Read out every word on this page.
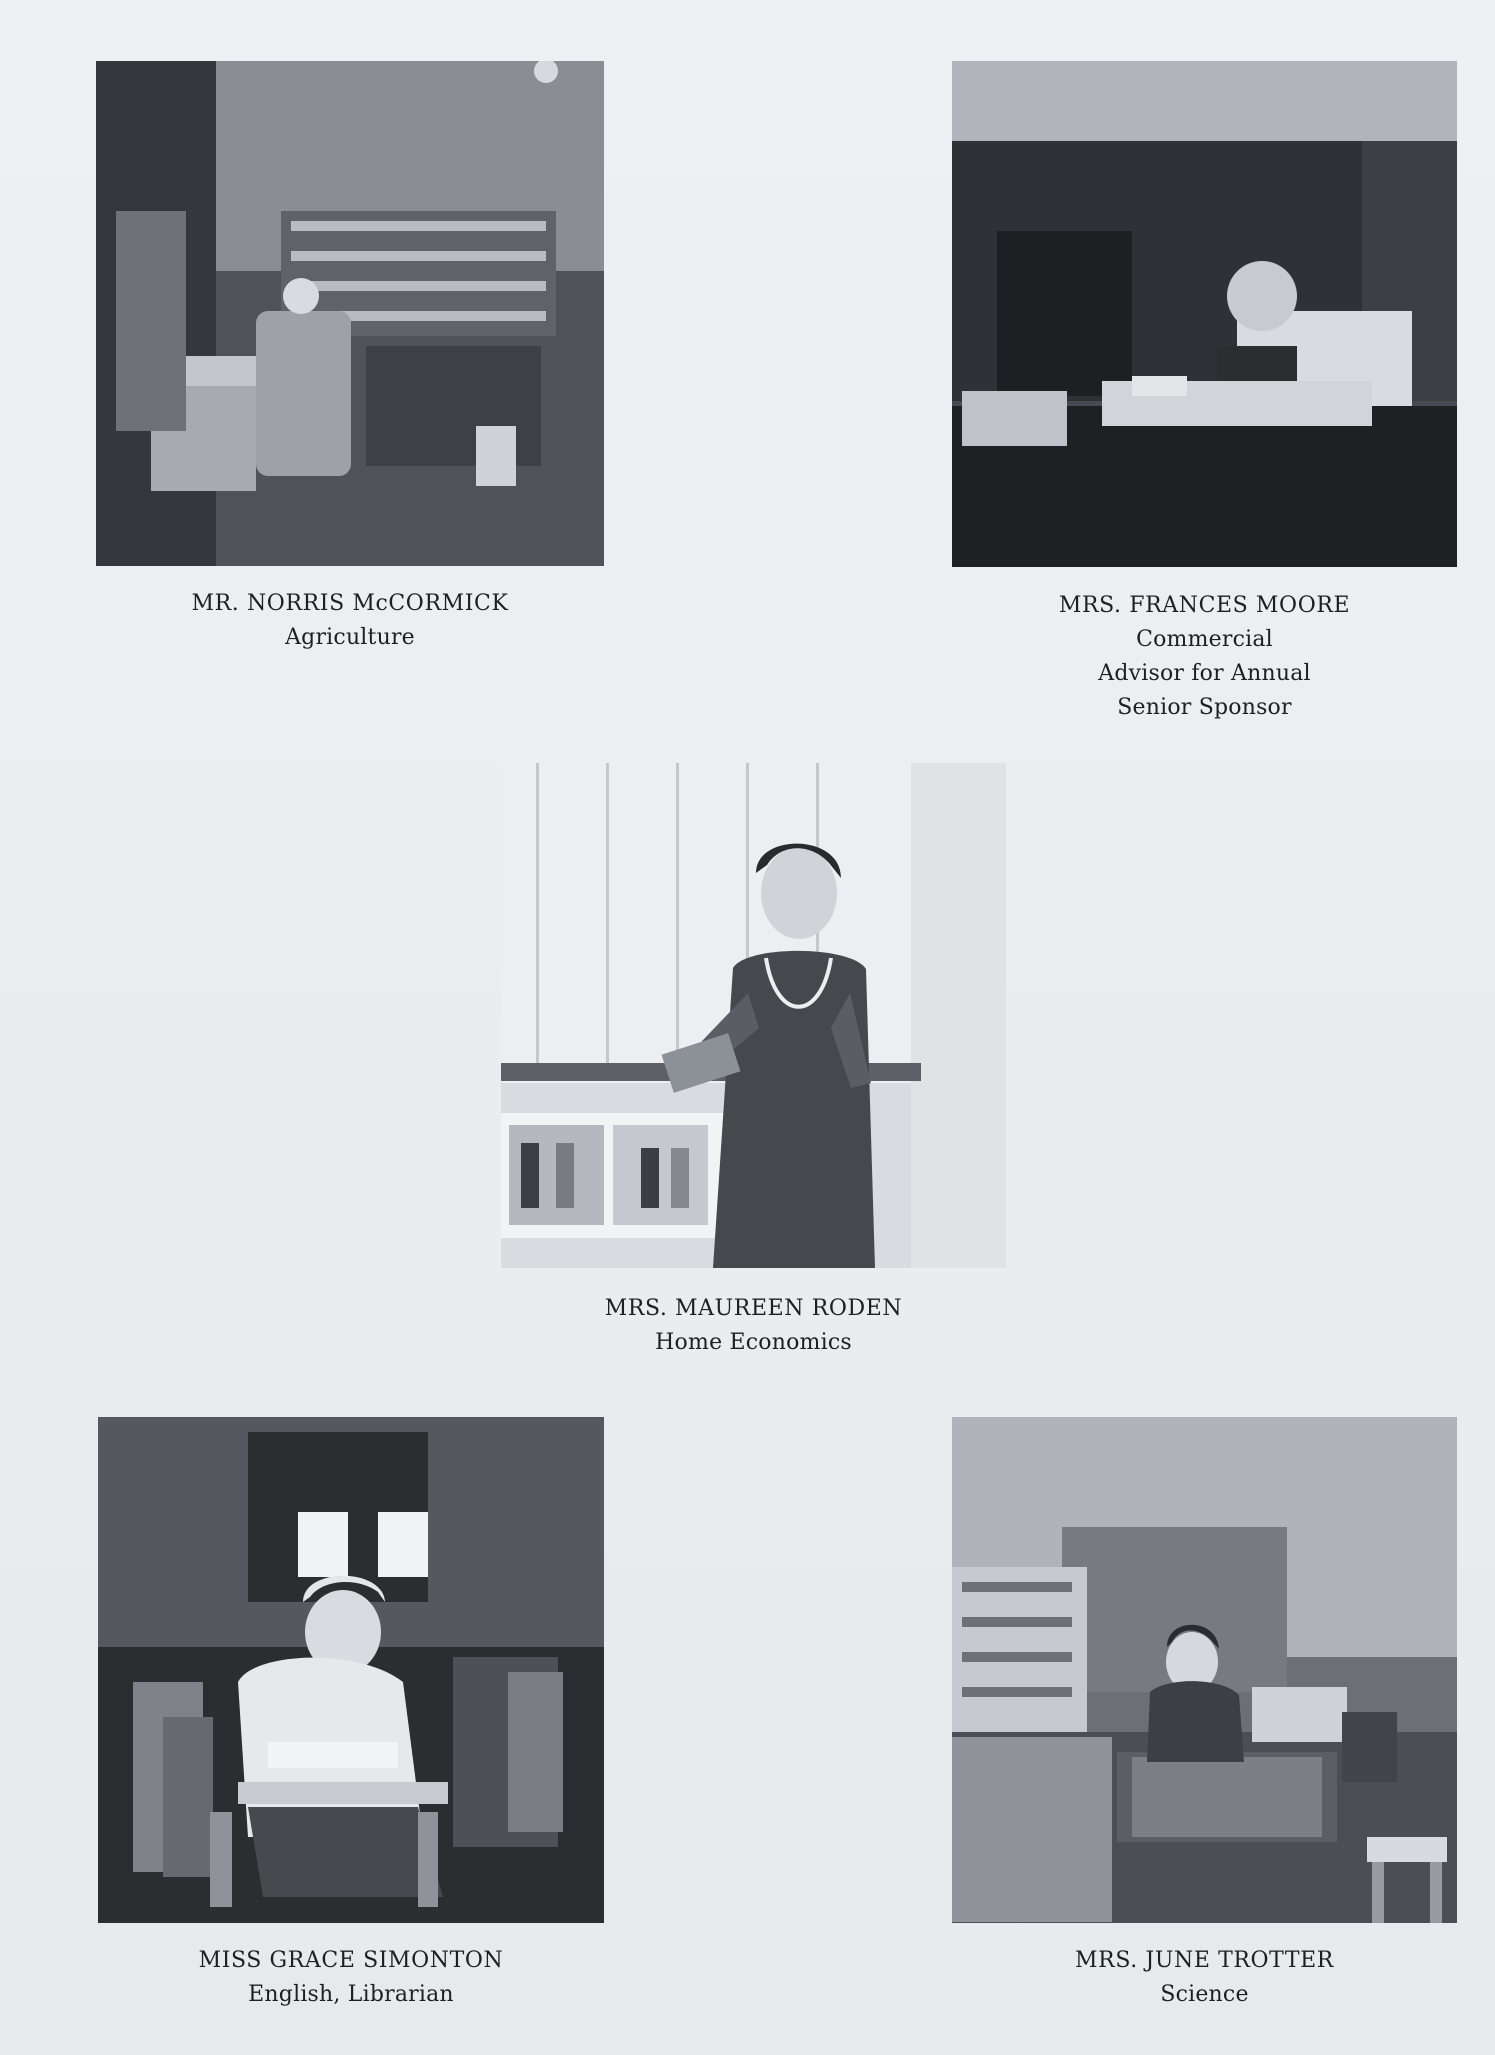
MR. NORRIS McCORMICK
Agriculture
MRS. FRANCES MOORE
Commercial
Advisor for Annual
Senior Sponsor
MRS. MAUREEN RODEN
Home Economics
MISS GRACE SIMONTON
English, Librarian
MRS. JUNE TROTTER
Science
